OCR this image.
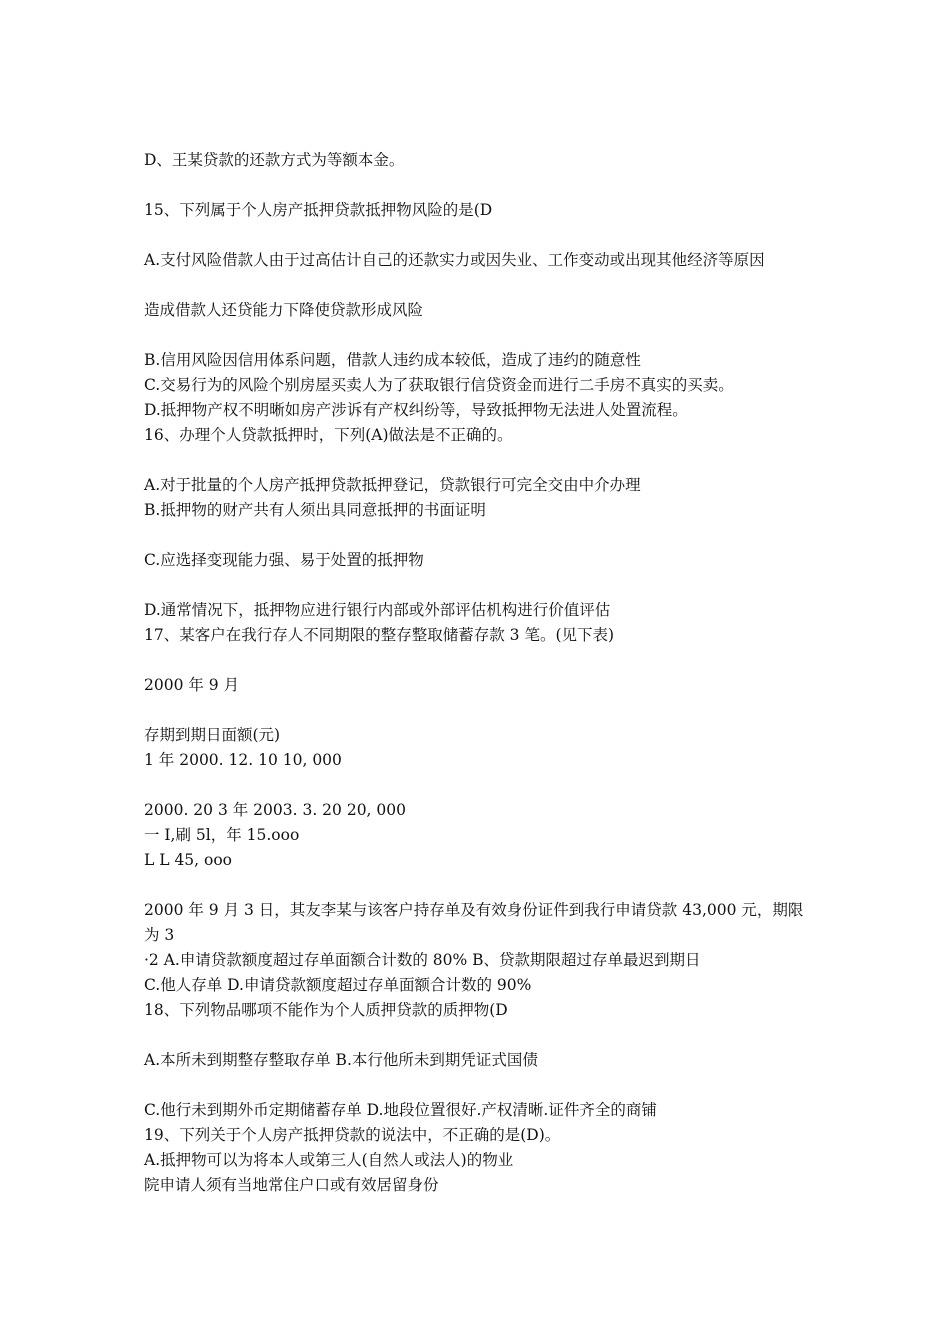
D、王某贷款的还款方式为等额本金。

15、下列属于个人房产抵押贷款抵押物风险的是(D

A.支付风险借款人由于过高估计自己的还款实力或因失业、工作变动或出现其他经济等原因

造成借款人还贷能力下降使贷款形成风险

B.信用风险因信用体系问题，借款人违约成本较低，造成了违约的随意性

C.交易行为的风险个别房屋买卖人为了获取银行信贷资金而进行二手房不真实的买卖。

D.抵押物产权不明晰如房产涉诉有产权纠纷等，导致抵押物无法进人处置流程。

16、办理个人贷款抵押时，下列(A)做法是不正确的。

A.对于批量的个人房产抵押贷款抵押登记，贷款银行可完全交由中介办理

B.抵押物的财产共有人须出具同意抵押的书面证明

C.应选择变现能力强、易于处置的抵押物

D.通常情况下，抵押物应进行银行内部或外部评估机构进行价值评估

17、某客户在我行存人不同期限的整存整取储蓄存款 3 笔。(见下表)

2000 年 9 月

存期到期日面额(元)

1 年 2000. 12. 10 10, 000

2000. 20 3 年 2003. 3. 20 20, 000

一 I,刷 5l，年 15.ooo

L L 45, ooo

2000 年 9 月 3 日，其友李某与该客户持存单及有效身份证件到我行申请贷款 43,000 元，期限为 3

·2 A.申请贷款额度超过存单面额合计数的 80% B、贷款期限超过存单最迟到期日

C.他人存单 D.申请贷款额度超过存单面额合计数的 90%

18、下列物品哪项不能作为个人质押贷款的质押物(D

A.本所未到期整存整取存单 B.本行他所未到期凭证式国债

C.他行未到期外币定期储蓄存单 D.地段位置很好.产权清晰.证件齐全的商铺

19、下列关于个人房产抵押贷款的说法中，不正确的是(D)。

A.抵押物可以为将本人或第三人(自然人或法人)的物业

院申请人须有当地常住户口或有效居留身份
